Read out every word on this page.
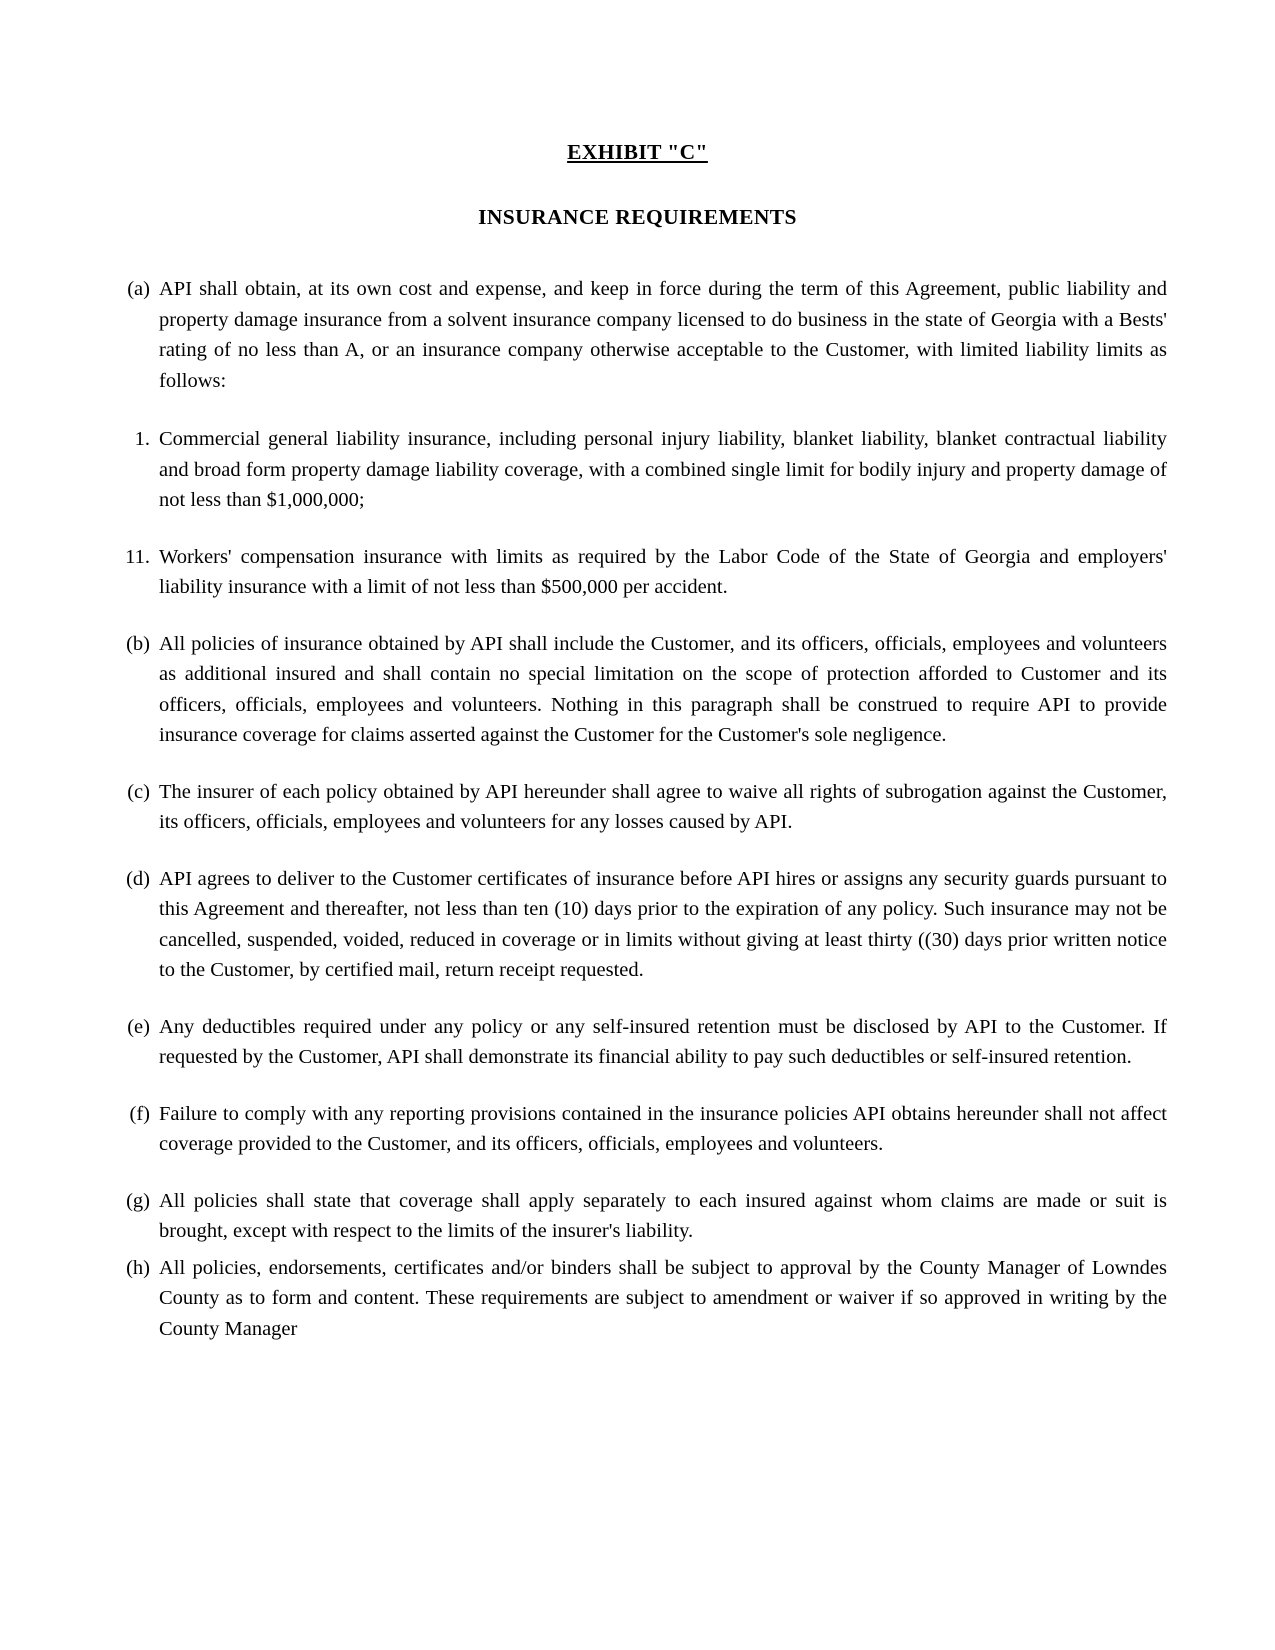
EXHIBIT "C"
INSURANCE REQUIREMENTS
(a) API shall obtain, at its own cost and expense, and keep in force during the term of this Agreement, public liability and property damage insurance from a solvent insurance company licensed to do business in the state of Georgia with a Bests' rating of no less than A, or an insurance company otherwise acceptable to the Customer, with limited liability limits as follows:
1. Commercial general liability insurance, including personal injury liability, blanket liability, blanket contractual liability and broad form property damage liability coverage, with a combined single limit for bodily injury and property damage of not less than $1,000,000;
11. Workers' compensation insurance with limits as required by the Labor Code of the State of Georgia and employers' liability insurance with a limit of not less than $500,000 per accident.
(b) All policies of insurance obtained by API shall include the Customer, and its officers, officials, employees and volunteers as additional insured and shall contain no special limitation on the scope of protection afforded to Customer and its officers, officials, employees and volunteers. Nothing in this paragraph shall be construed to require API to provide insurance coverage for claims asserted against the Customer for the Customer's sole negligence.
(c) The insurer of each policy obtained by API hereunder shall agree to waive all rights of subrogation against the Customer, its officers, officials, employees and volunteers for any losses caused by API.
(d) API agrees to deliver to the Customer certificates of insurance before API hires or assigns any security guards pursuant to this Agreement and thereafter, not less than ten (10) days prior to the expiration of any policy. Such insurance may not be cancelled, suspended, voided, reduced in coverage or in limits without giving at least thirty ((30) days prior written notice to the Customer, by certified mail, return receipt requested.
(e) Any deductibles required under any policy or any self-insured retention must be disclosed by API to the Customer. If requested by the Customer, API shall demonstrate its financial ability to pay such deductibles or self-insured retention.
(f) Failure to comply with any reporting provisions contained in the insurance policies API obtains hereunder shall not affect coverage provided to the Customer, and its officers, officials, employees and volunteers.
(g) All policies shall state that coverage shall apply separately to each insured against whom claims are made or suit is brought, except with respect to the limits of the insurer's liability.
(h) All policies, endorsements, certificates and/or binders shall be subject to approval by the County Manager of Lowndes County as to form and content. These requirements are subject to amendment or waiver if so approved in writing by the County Manager
